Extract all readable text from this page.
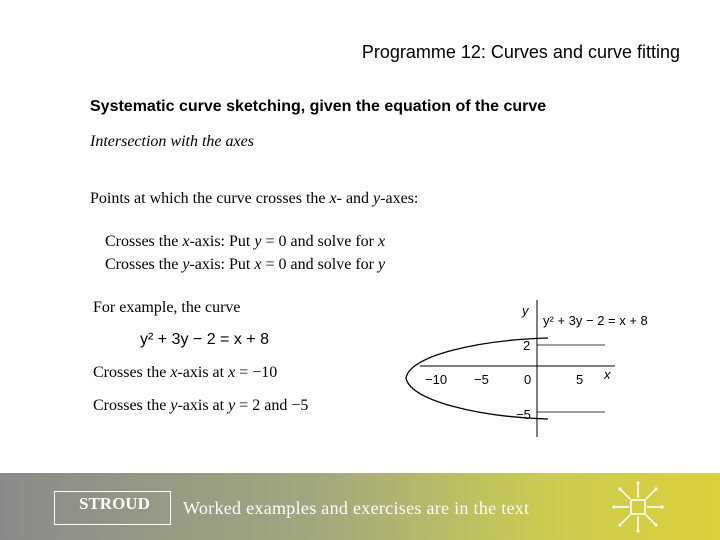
Programme 12: Curves and curve fitting
Systematic curve sketching, given the equation of the curve
Intersection with the axes
Points at which the curve crosses the x- and y-axes:
Crosses the x-axis: Put y = 0 and solve for x
Crosses the y-axis: Put x = 0 and solve for y
For example, the curve
y² + 3y − 2 = x + 8
Crosses the x-axis at x = −10
Crosses the y-axis at y = 2 and −5
y
y² + 3y − 2 = x + 8
2
−10 −5	0	5 x
−5
STROUD	Worked examples and exercises are in the text
